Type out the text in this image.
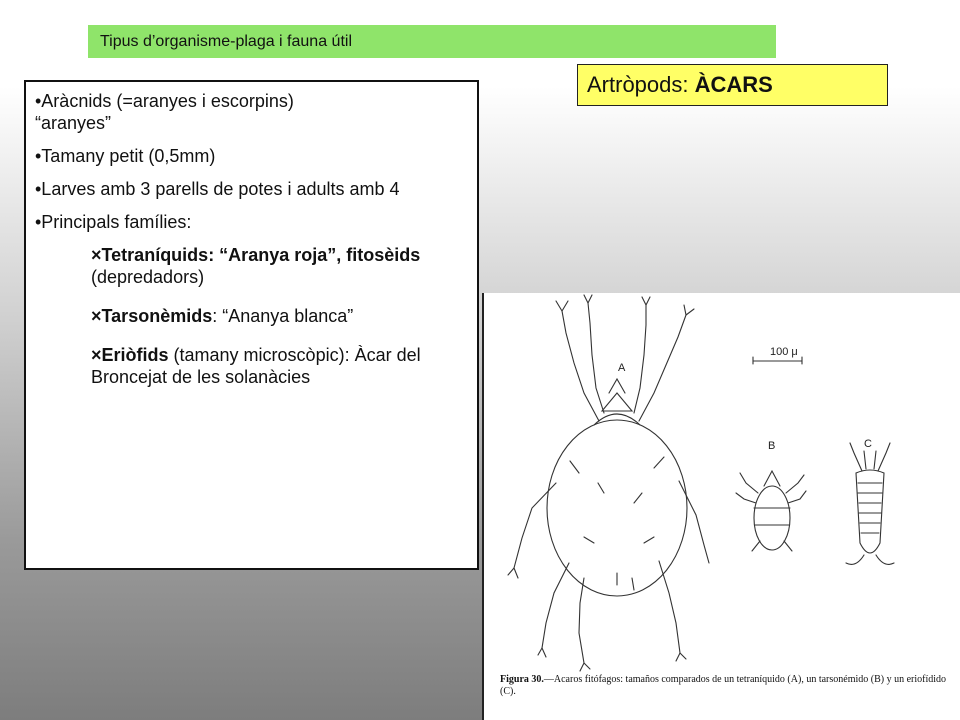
Tipus d’organisme-plaga i fauna útil
Artròpods: ÀCARS

•Aràcnids (=aranyes i escorpins)
“aranyes”

•Tamany petit (0,5mm)

•Larves amb 3 parells de potes i adults amb 4

•Principals famílies:

×Tetraníquids: “Aranya roja”, fitosèids (depredadors)

×Tarsonèmids: “Ananya blanca”

×Eriòfids (tamany microscòpic): Àcar del Broncejat de les solanàcies

100 μ
A
B	C
Figura 30.—Acaros fitófagos: tamaños comparados de un tetraníquido (A), un tarsonémido (B) y un eriofídido (C).
